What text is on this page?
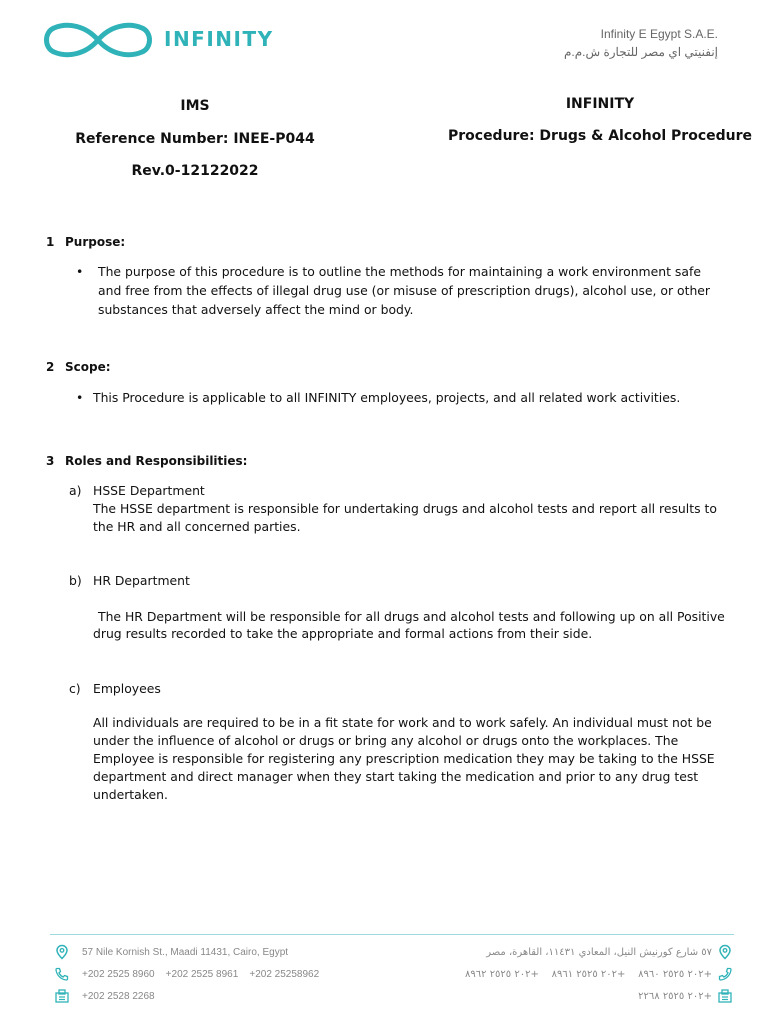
INFINITY	Infinity E Egypt S.A.E.
إنفنيتي اي مصر للتجارة ش.م.م
IMS
Reference Number: INEE-P044
Rev.0-12122022
INFINITY
Procedure: Drugs & Alcohol Procedure
1 Purpose:
• The purpose of this procedure is to outline the methods for maintaining a work environment safe
and free from the effects of illegal drug use (or misuse of prescription drugs), alcohol use, or other
substances that adversely affect the mind or body.
2 Scope:
• This Procedure is applicable to all INFINITY employees, projects, and all related work activities.
3 Roles and Responsibilities:
a) HSSE Department
The HSSE department is responsible for undertaking drugs and alcohol tests and report all results to
the HR and all concerned parties.
b) HR Department
The HR Department will be responsible for all drugs and alcohol tests and following up on all Positive
drug results recorded to take the appropriate and formal actions from their side.
c) Employees
All individuals are required to be in a fit state for work and to work safely. An individual must not be
under the influence of alcohol or drugs or bring any alcohol or drugs onto the workplaces. The
Employee is responsible for registering any prescription medication they may be taking to the HSSE
department and direct manager when they start taking the medication and prior to any drug test
undertaken.
57 Nile Kornish St., Maadi 11431, Cairo, Egypt
+202 2525 8960    +202 2525 8961    +202 25258962
+202 2528 2268
٥٧ شارع كورنيش النيل، المعادي ١١٤٣١، القاهرة، مصر
+٢٠٢ ٢٥٢٥ ٨٩٦٠    +٢٠٢ ٢٥٢٥ ٨٩٦١    +٢٠٢ ٢٥٢٥ ٨٩٦٢
+٢٠٢ ٢٥٢٥ ٢٢٦٨
